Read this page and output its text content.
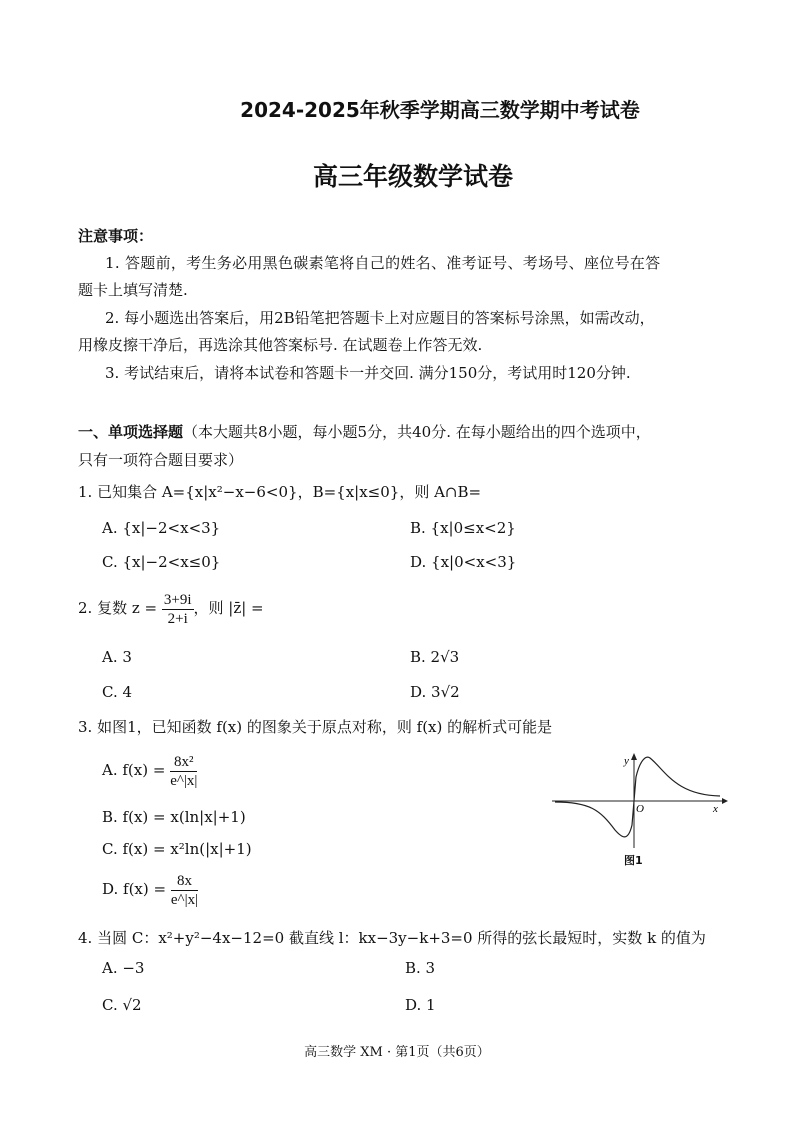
2024-2025年秋季学期高三数学期中考试卷
高三年级数学试卷
注意事项：
1. 答题前，考生务必用黑色碳素笔将自己的姓名、准考证号、考场号、座位号在答
题卡上填写清楚.
2. 每小题选出答案后，用2B铅笔把答题卡上对应题目的答案标号涂黑，如需改动，
用橡皮擦干净后，再选涂其他答案标号. 在试题卷上作答无效.
3. 考试结束后，请将本试卷和答题卡一并交回. 满分150分，考试用时120分钟.
一、单项选择题（本大题共8小题，每小题5分，共40分. 在每小题给出的四个选项中，
只有一项符合题目要求）
1. 已知集合 A={x|x²−x−6<0}，B={x|x≤0}，则 A∩B=
A. {x|−2<x<3}	B. {x|0≤x<2}
C. {x|−2<x≤0}	D. {x|0<x<3}
2. 复数 $z = \frac{3+9i}{2+i}$ ，则 |z̄| =
A. 3	B. 2√3
C. 4	D. 3√2
3. 如图1，已知函数 f(x) 的图象关于原点对称，则 f(x) 的解析式可能是
A. $f(x) = \frac{\text{8x²}}{e\^{}|x|}$
B. f(x) = x(ln|x|+1)
C. f(x) = x²ln(|x|+1)
D. $f(x) = \frac{8x}{e\^{}|x|}$
y
x
O
图1
4. 当圆 C：x²+y²−4x−12=0 截直线 l：kx−3y−k+3=0 所得的弦长最短时，实数 k 的值为
A. −3	B. 3
C. √2	D. 1
高三数学 XM · 第1页（共6页）
